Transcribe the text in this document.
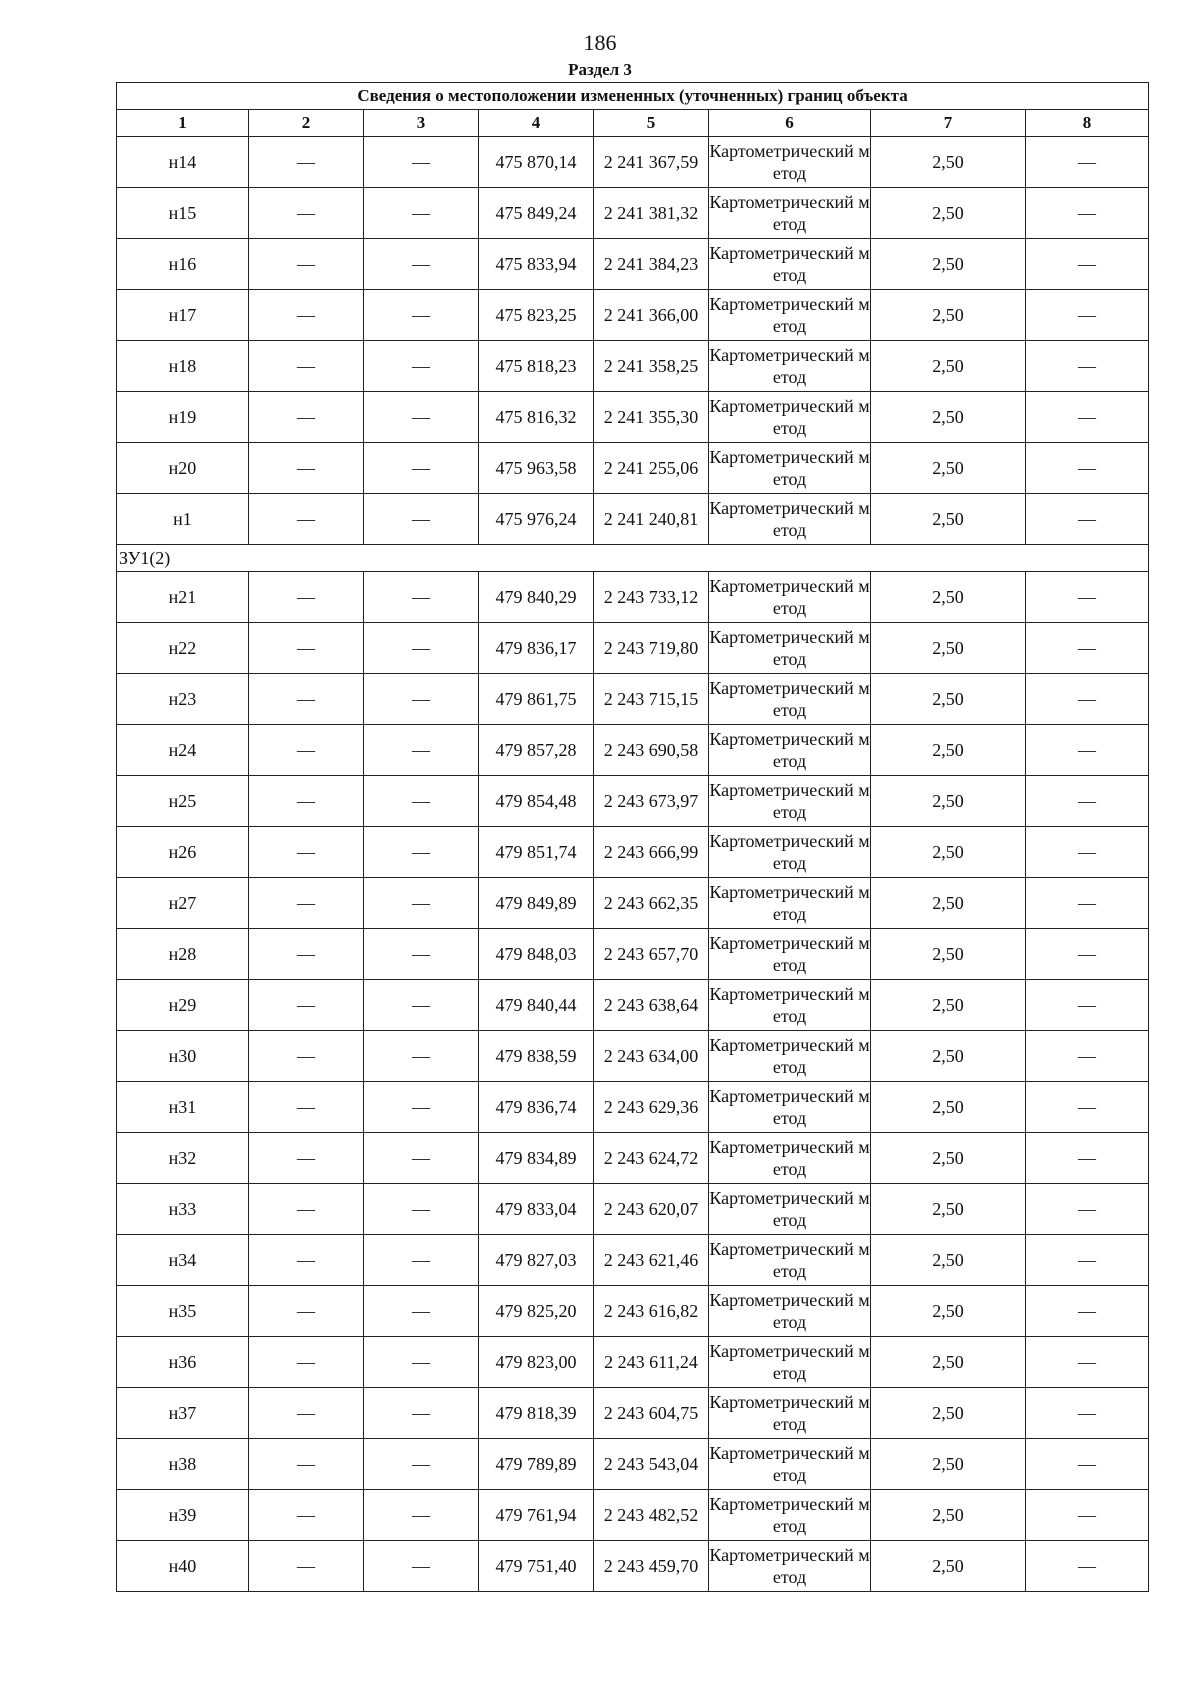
186
Раздел 3
Сведения о местоположении измененных (уточненных) границ объекта							
1	2	3	4	5	6	7	8
н14	—	—	475 870,14	2 241 367,59	Картометрический метод	2,50	—
н15	—	—	475 849,24	2 241 381,32	Картометрический метод	2,50	—
н16	—	—	475 833,94	2 241 384,23	Картометрический метод	2,50	—
н17	—	—	475 823,25	2 241 366,00	Картометрический метод	2,50	—
н18	—	—	475 818,23	2 241 358,25	Картометрический метод	2,50	—
н19	—	—	475 816,32	2 241 355,30	Картометрический метод	2,50	—
н20	—	—	475 963,58	2 241 255,06	Картометрический метод	2,50	—
н1	—	—	475 976,24	2 241 240,81	Картометрический метод	2,50	—
ЗУ1(2)							
н21	—	—	479 840,29	2 243 733,12	Картометрический метод	2,50	—
н22	—	—	479 836,17	2 243 719,80	Картометрический метод	2,50	—
н23	—	—	479 861,75	2 243 715,15	Картометрический метод	2,50	—
н24	—	—	479 857,28	2 243 690,58	Картометрический метод	2,50	—
н25	—	—	479 854,48	2 243 673,97	Картометрический метод	2,50	—
н26	—	—	479 851,74	2 243 666,99	Картометрический метод	2,50	—
н27	—	—	479 849,89	2 243 662,35	Картометрический метод	2,50	—
н28	—	—	479 848,03	2 243 657,70	Картометрический метод	2,50	—
н29	—	—	479 840,44	2 243 638,64	Картометрический метод	2,50	—
н30	—	—	479 838,59	2 243 634,00	Картометрический метод	2,50	—
н31	—	—	479 836,74	2 243 629,36	Картометрический метод	2,50	—
н32	—	—	479 834,89	2 243 624,72	Картометрический метод	2,50	—
н33	—	—	479 833,04	2 243 620,07	Картометрический метод	2,50	—
н34	—	—	479 827,03	2 243 621,46	Картометрический метод	2,50	—
н35	—	—	479 825,20	2 243 616,82	Картометрический метод	2,50	—
н36	—	—	479 823,00	2 243 611,24	Картометрический метод	2,50	—
н37	—	—	479 818,39	2 243 604,75	Картометрический метод	2,50	—
н38	—	—	479 789,89	2 243 543,04	Картометрический метод	2,50	—
н39	—	—	479 761,94	2 243 482,52	Картометрический метод	2,50	—
н40	—	—	479 751,40	2 243 459,70	Картометрический метод	2,50	—
